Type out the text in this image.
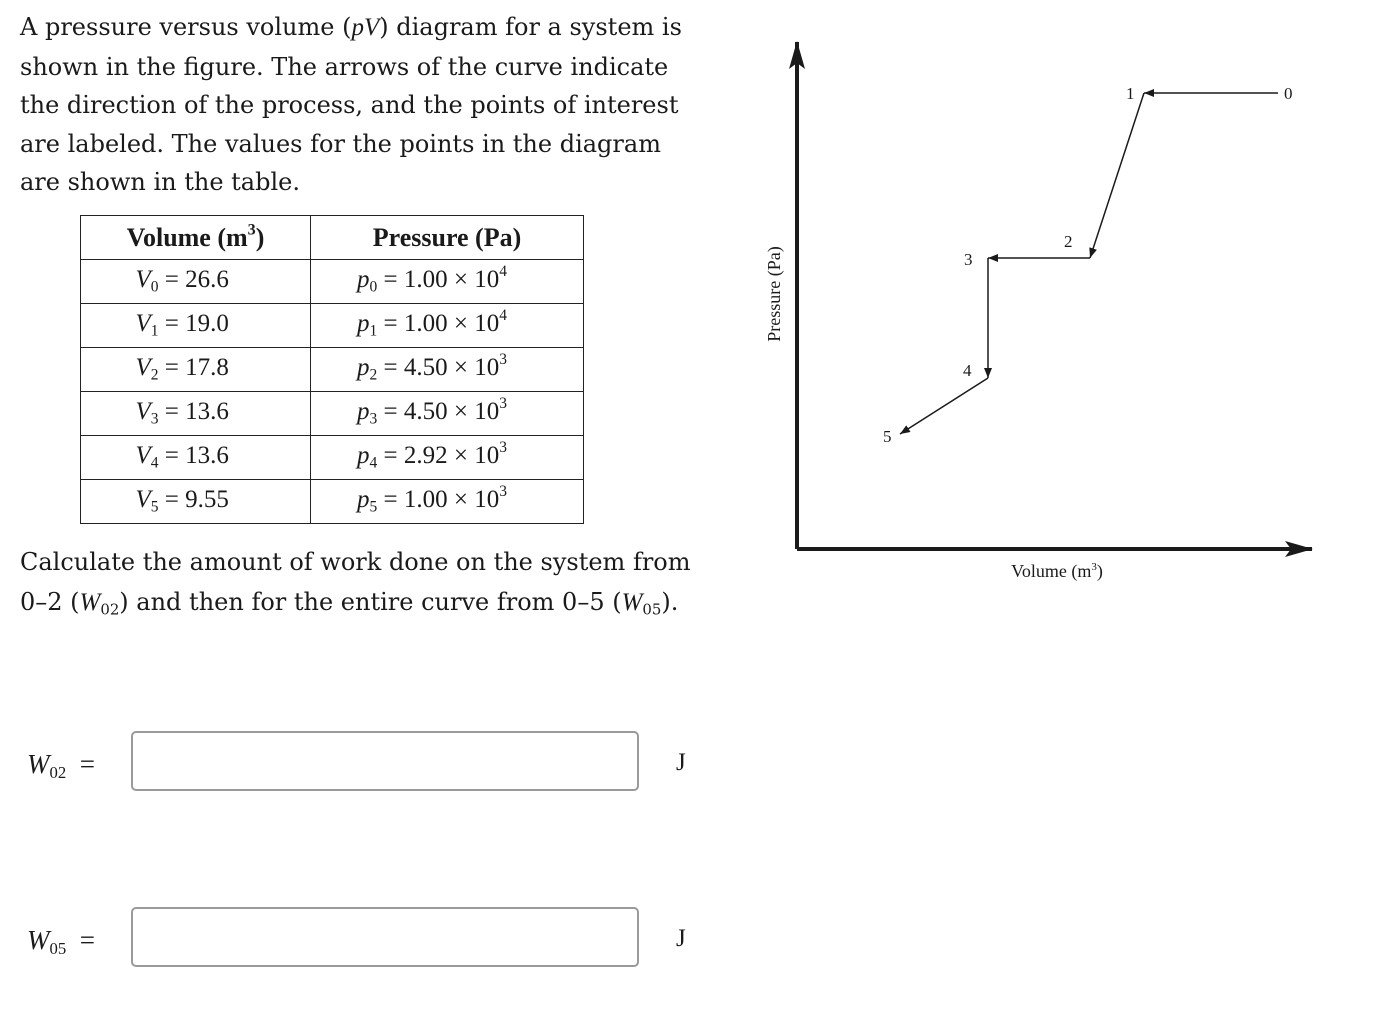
A pressure versus volume (pV) diagram for a system is shown in the figure. The arrows of the curve indicate the direction of the process, and the points of interest are labeled. The values for the points in the diagram are shown in the table.

Volume $(m^3)$	Pressure (Pa)
$V_0 = 26.6$	$p_0 = 1.00 \times 10^4$
$V_1 = 19.0$	$p_1 = 1.00 \times 10^4$
$V_2 = 17.8$	$p_2 = 4.50 \times 10^3$
$V_3 = 13.6$	$p_3 = 4.50 \times 10^3$
$V_4 = 13.6$	$p_4 = 2.92 \times 10^3$
$V_5 = 9.55$	$p_5 = 1.00 \times 10^3$

Calculate the amount of work done on the system from 0–2 $(W_{02})$ and then for the entire curve from 0–5 $(W_{05})$.

$W_{02}$ =	J
$W_{05}$ =	J
Pressure (Pa)
Volume $(m^3)$
0
1
2
3
4
5
